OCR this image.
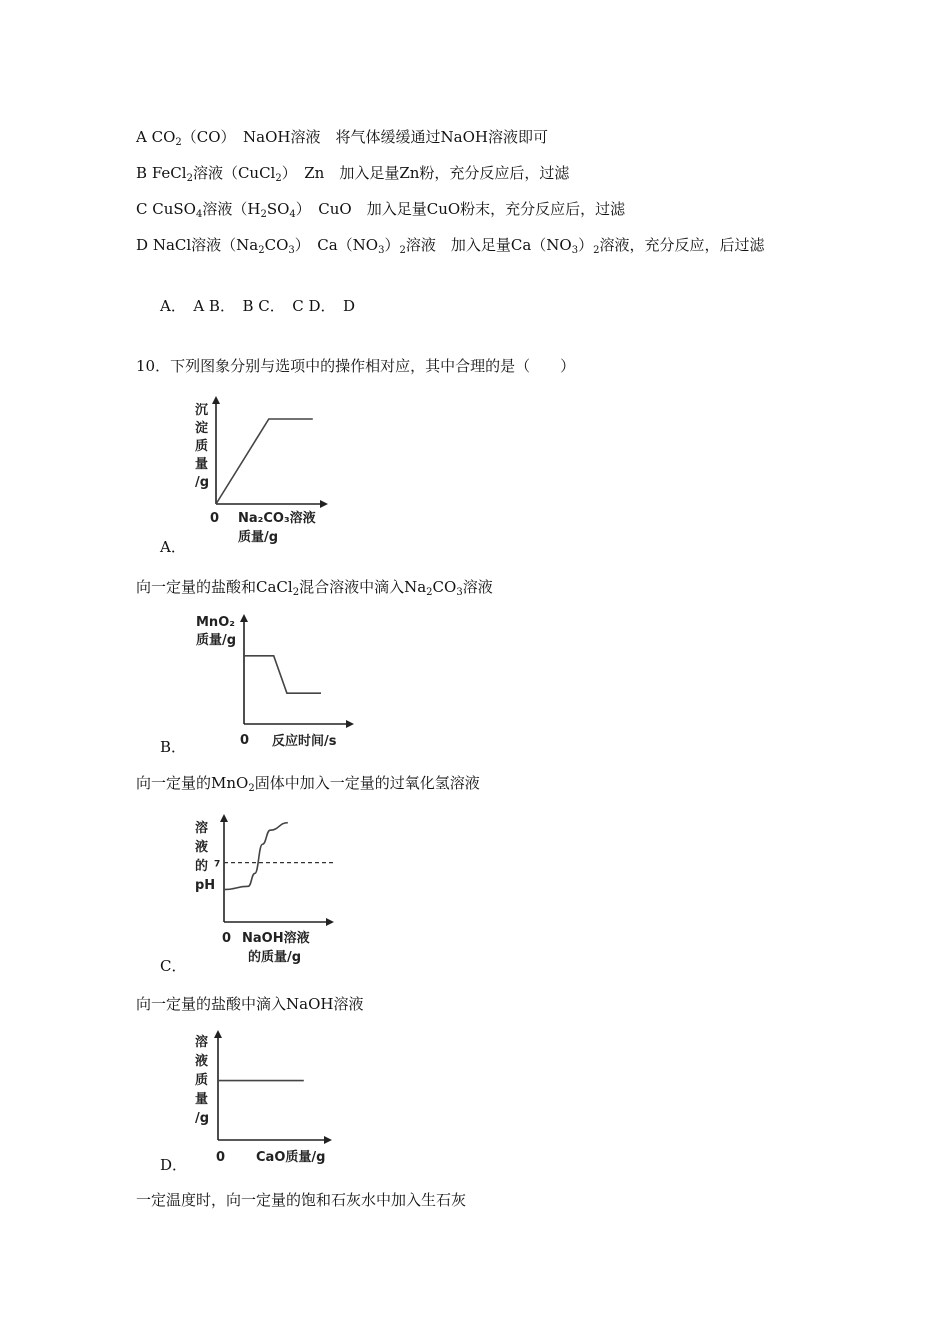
A $CO_2(CO)$　NaOH溶液　将气体缓缓通过NaOH溶液即可
B FeCl$_2$溶液（CuCl$_2$）　Zn　加入足量Zn粉，充分反应后，过滤
C CuSO$_4$溶液$(H_2SO_4)$　CuO　加入足量CuO粉末，充分反应后，过滤
D NaCl溶液$(Na_2CO_3)$　$Ca(NO_3)_2$溶液　加入足量$Ca(NO_3)_2$溶液，充分反应，后过滤
A．　A B．　B C．　C D．　D
10．下列图象分别与选项中的操作相对应，其中合理的是（　　）
沉
淀
质
量
/g
0 Na₂CO₃溶液
质量/g
A．
向一定量的盐酸和CaCl$_2$混合溶液中滴入$Na_2CO_3$溶液
MnO₂
质量/g
0 反应时间/s
B．
向一定量的MnO$_2$固体中加入一定量的过氧化氢溶液
溶
液
的
pH
7
0 NaOH溶液
的质量/g
C．
向一定量的盐酸中滴入NaOH溶液
溶
液
质
量
/g
0 CaO质量/g
D．
一定温度时，向一定量的饱和石灰水中加入生石灰
